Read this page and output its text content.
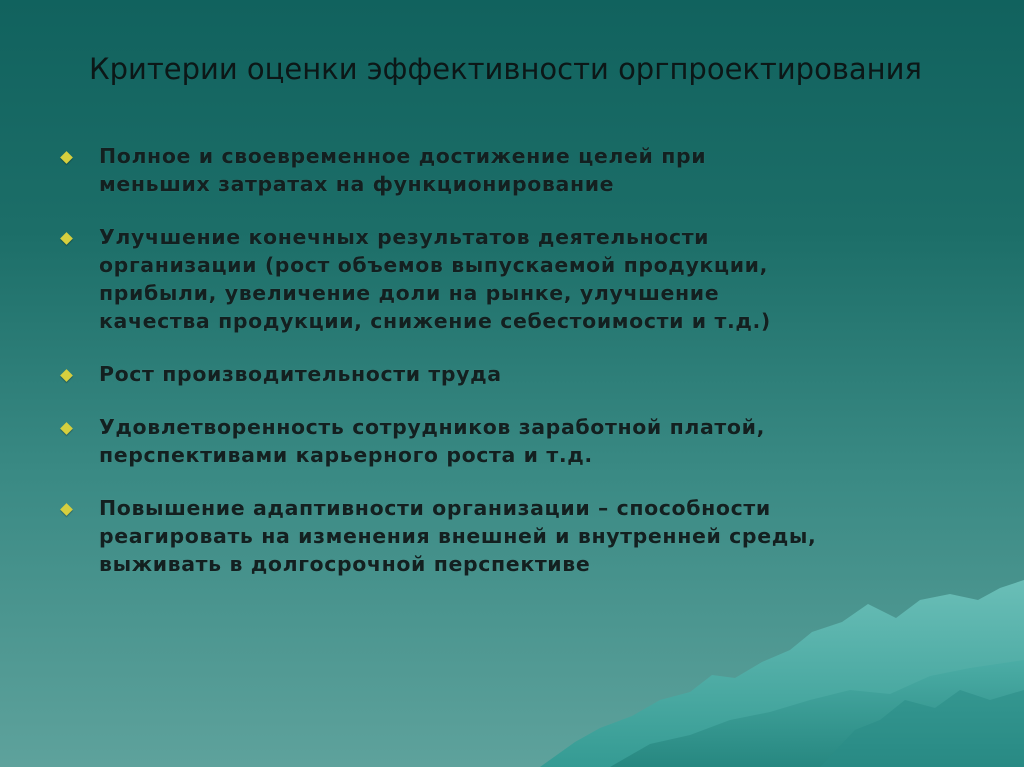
Критерии оценки эффективности оргпроектирования
Полное и своевременное достижение целей при
меньших затратах на функционирование
Улучшение конечных результатов деятельности
организации (рост объемов выпускаемой продукции,
прибыли, увеличение доли на рынке, улучшение
качества продукции, снижение себестоимости и т.д.)
Рост производительности труда
Удовлетворенность сотрудников заработной платой,
перспективами карьерного роста и т.д.
Повышение адаптивности организации – способности
реагировать на изменения внешней и внутренней среды,
выживать в долгосрочной перспективе
